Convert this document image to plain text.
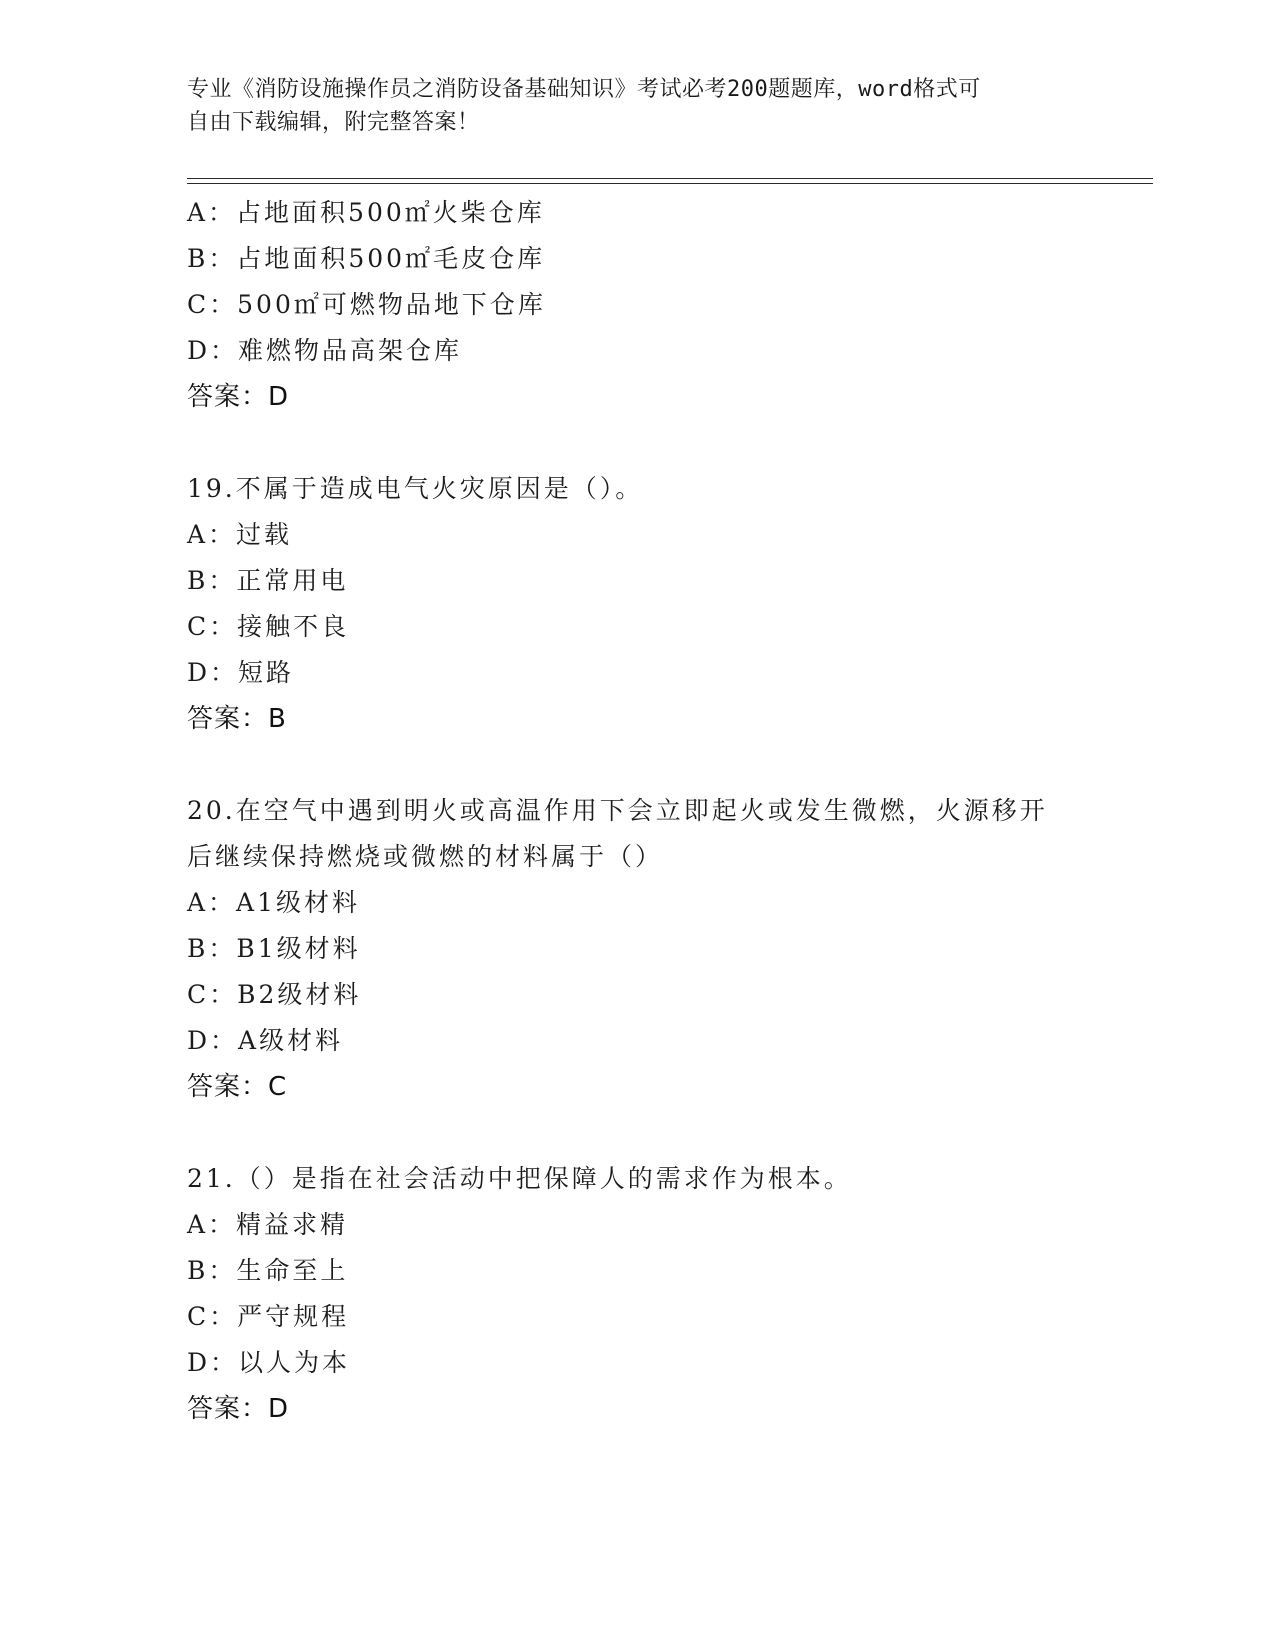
专业《消防设施操作员之消防设备基础知识》考试必考200题题库，word格式可
自由下载编辑，附完整答案！
A：占地面积500㎡火柴仓库
B：占地面积500㎡毛皮仓库
C：500㎡可燃物品地下仓库
D：难燃物品高架仓库
答案：D
19.不属于造成电气火灾原因是（）。
A：过载
B：正常用电
C：接触不良
D：短路
答案：B
20.在空气中遇到明火或高温作用下会立即起火或发生微燃，火源移开
后继续保持燃烧或微燃的材料属于（）
A：A1级材料
B：B1级材料
C：B2级材料
D：A级材料
答案：C
21.（）是指在社会活动中把保障人的需求作为根本。
A：精益求精
B：生命至上
C：严守规程
D：以人为本
答案：D
